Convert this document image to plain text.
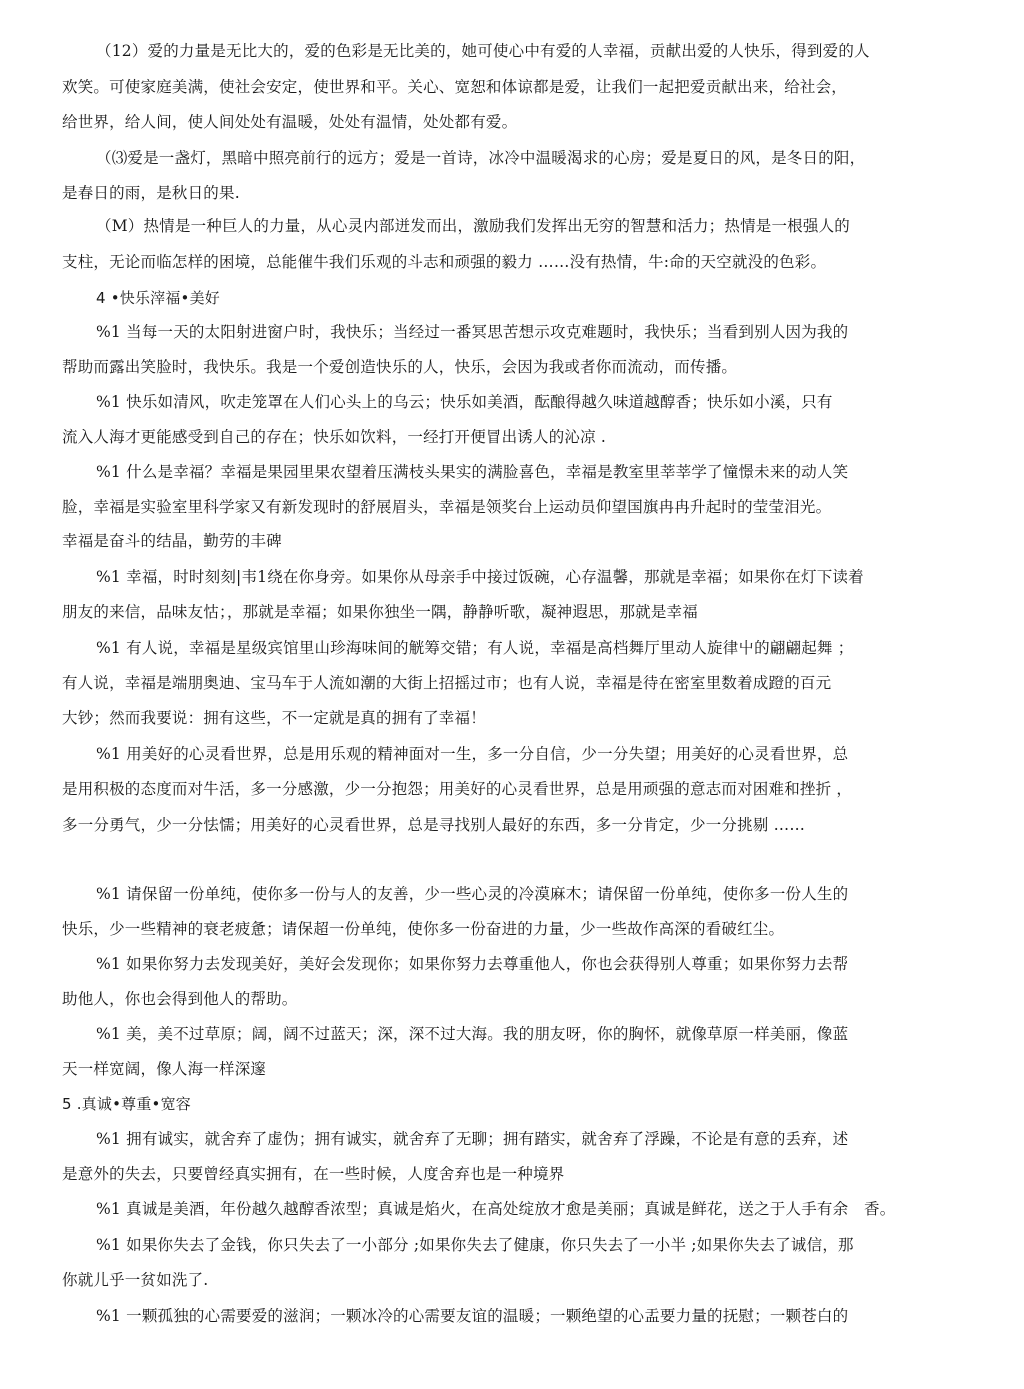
（12）爱的力量是无比大的，爱的色彩是无比美的，她可使心中有爱的人幸福，贡献出爱的人快乐，得到爱的人
欢笑。可使家庭美满，使社会安定，使世界和平。关心、宽恕和体谅都是爱，让我们一起把爱贡献出来，给社会，
给世界，给人间，使人间处处有温暖，处处有温情，处处都有爱。
（⑶爱是一盏灯，黑暗中照亮前行的远方；爱是一首诗，冰冷中温暖渴求的心房；爱是夏日的风，是冬日的阳，
是春日的雨，是秋日的果.
（M）热情是一种巨人的力量，从心灵内部迸发而出，激励我们发挥出无穷的智慧和活力；热情是一根强人的
支柱，无论而临怎样的困境，总能催牛我们乐观的斗志和顽强的毅力 ……没有热情，牛:命的天空就没的色彩。
4 •快乐滓福•美好
%1 当每一天的太阳射进窗户时，我快乐；当经过一番冥思苦想示攻克难题时，我快乐；当看到别人因为我的
帮助而露出笑脸时，我快乐。我是一个爱创造快乐的人，快乐，会因为我或者你而流动，而传播。
%1 快乐如清风，吹走笼罩在人们心头上的乌云；快乐如美酒，酝酿得越久味道越醇香；快乐如小溪，只有
流入人海才更能感受到自己的存在；快乐如饮料，一经打开便冒出诱人的沁凉 .
%1 什么是幸福？幸福是果园里果农望着压满枝头果实的满脸喜色，幸福是教室里莘莘学了憧憬未来的动人笑
脸，幸福是实验室里科学家又有新发现时的舒展眉头，幸福是领奖台上运动员仰望国旗冉冉升起时的莹莹泪光。
幸福是奋斗的结晶，勤劳的丰碑
%1 幸福，时时刻刻|韦1绕在你身旁。如果你从母亲手中接过饭碗，心存温馨，那就是幸福；如果你在灯下读着
朋友的来信，品味友怙；，那就是幸福；如果你独坐一隅，静静听歌，凝神遐思，那就是幸福
%1 有人说，幸福是星级宾馆里山珍海味间的觥筹交错；有人说，幸福是高档舞厅里动人旋律屮的翩翩起舞 ；
有人说，幸福是端朋奥迪、宝马车于人流如潮的大街上招摇过市；也有人说，幸福是待在密室里数着成蹬的百元
大钞；然而我要说：拥有这些，不一定就是真的拥有了幸福！
%1 用美好的心灵看世界，总是用乐观的精神面对一生，多一分自信，少一分失望；用美好的心灵看世界，总
是用积极的态度而对牛活，多一分感激，少一分抱怨；用美好的心灵看世界，总是用顽强的意志而对困难和挫折 ，
多一分勇气，少一分怯懦；用美好的心灵看世界，总是寻找别人最好的东西，多一分肯定，少一分挑剔 ……
%1 请保留一份单纯，使你多一份与人的友善，少一些心灵的冷漠麻木；请保留一份单纯，使你多一份人生的
快乐，少一些精神的衰老疲惫；请保超一份单纯，使你多一份奋进的力量，少一些故作高深的看破红尘。
%1 如果你努力去发现美好，美好会发现你；如果你努力去尊重他人，你也会获得别人尊重；如果你努力去帮
助他人，你也会得到他人的帮助。
%1 美，美不过草原；阔，阔不过蓝天；深，深不过大海。我的朋友呀，你的胸怀，就像草原一样美丽，像蓝
天一样宽阔，像人海一样深邃
5 .真诚•尊重•宽容
%1 拥有诚实，就舍弃了虚伪；拥有诚实，就舍弃了无聊；拥有踏实，就舍弃了浮躁，不论是有意的丢弃，述
是意外的失去，只要曾经真实拥有，在一些时候，人度舍弃也是一种境界
%1 真诚是美酒，年份越久越醇香浓型；真诚是焰火，在高处绽放才愈是美丽；真诚是鲜花，送之于人手有余　香。
%1 如果你失去了金钱，你只失去了一小部分 ;如果你失去了健康，你只失去了一小半 ;如果你失去了诚信，那
你就儿乎一贫如洗了.
%1 一颗孤独的心需要爱的滋润；一颗冰冷的心需要友谊的温暖；一颗绝望的心盂要力量的抚慰；一颗苍白的
